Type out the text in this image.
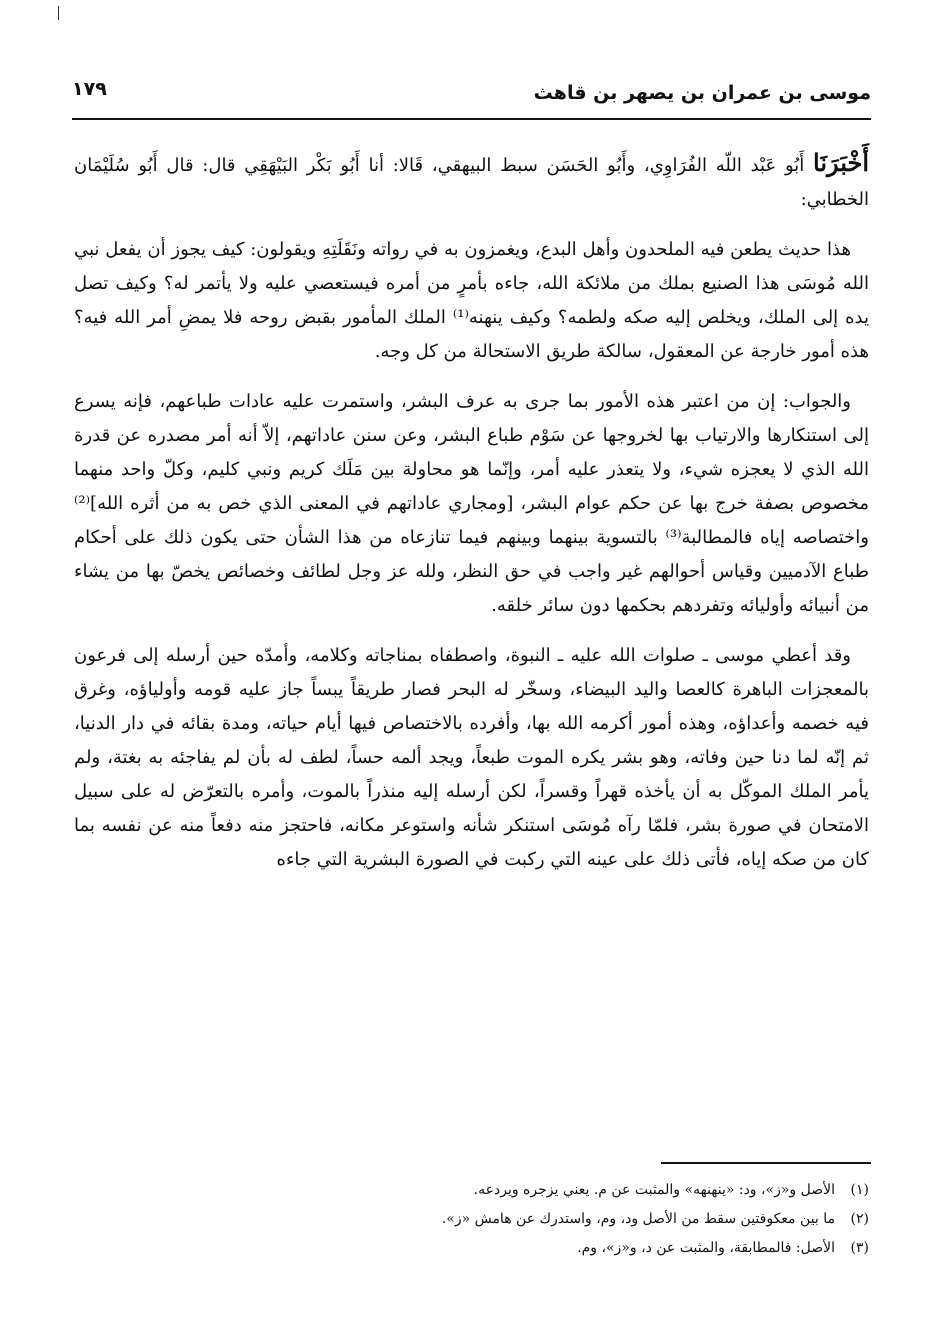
موسى بن عمران بن يصهر بن قاهث
١٧٩

أَخْبَرَنَا أَبُو عَبْد اللّه الفُرَاوِي، وأَبُو الحَسَن سبط البيهقي، قَالا: أنا أَبُو بَكْر البَيْهَقِي قال: قال أَبُو سُلَيْمَان الخطابي:

هذا حديث يطعن فيه الملحدون وأهل البدع، ويغمزون به في رواته ونَقَلَتِهِ ويقولون: كيف يجوز أن يفعل نبي الله مُوسَى هذا الصنيع بملك من ملائكة الله، جاءه بأمرٍ من أمره فيستعصي عليه ولا يأتمر له؟ وكيف تصل يده إلى الملك، ويخلص إليه صكه ولطمه؟ وكيف ينهنه⁽¹⁾ الملك المأمور بقبض روحه فلا يمضِ أمر الله فيه؟ هذه أمور خارجة عن المعقول، سالكة طريق الاستحالة من كل وجه.

والجواب: إن من اعتبر هذه الأمور بما جرى به عرف البشر، واستمرت عليه عادات طباعهم، فإنه يسرع إلى استنكارها والارتياب بها لخروجها عن سَوْم طباع البشر، وعن سنن عاداتهم، إلاّ أنه أمر مصدره عن قدرة الله الذي لا يعجزه شيء، ولا يتعذر عليه أمر، وإنّما هو محاولة بين مَلَك كريم ونبي كليم، وكلّ واحد منهما مخصوص بصفة خرج بها عن حكم عوام البشر، [ومجاري عاداتهم في المعنى الذي خص به من أثره الله]⁽²⁾ واختصاصه إياه فالمطالبة⁽³⁾ بالتسوية بينهما وبينهم فيما تنازعاه من هذا الشأن حتى يكون ذلك على أحكام طباع الآدميين وقياس أحوالهم غير واجب في حق النظر، ولله عز وجل لطائف وخصائص يخصّ بها من يشاء من أنبيائه وأوليائه وتفردهم بحكمها دون سائر خلقه.

وقد أعطي موسى ـ صلوات الله عليه ـ النبوة، واصطفاه بمناجاته وكلامه، وأمدّه حين أرسله إلى فرعون بالمعجزات الباهرة كالعصا واليد البيضاء، وسخّر له البحر فصار طريقاً يبساً جاز عليه قومه وأولياؤه، وغرق فيه خصمه وأعداؤه، وهذه أمور أكرمه الله بها، وأفرده بالاختصاص فيها أيام حياته، ومدة بقائه في دار الدنيا، ثم إنّه لما دنا حين وفاته، وهو بشر يكره الموت طبعاً، ويجد ألمه حساً، لطف له بأن لم يفاجئه به بغتة، ولم يأمر الملك الموكّل به أن يأخذه قهراً وقسراً، لكن أرسله إليه منذراً بالموت، وأمره بالتعرّض له على سبيل الامتحان في صورة بشر، فلمّا رآه مُوسَى استنكر شأنه واستوعر مكانه، فاحتجز منه دفعاً منه عن نفسه بما كان من صكه إياه، فأتى ذلك على عينه التي ركبت في الصورة البشرية التي جاءه

(١)الأصل و«ز»، ود: «ينهنهه» والمثبت عن م. يعني يزجره ويردعه.
(٢)ما بين معكوفتين سقط من الأصل ود، وم، واستدرك عن هامش «ز».
(٣)الأصل: فالمطابقة، والمثبت عن د، و«ز»، وم.
